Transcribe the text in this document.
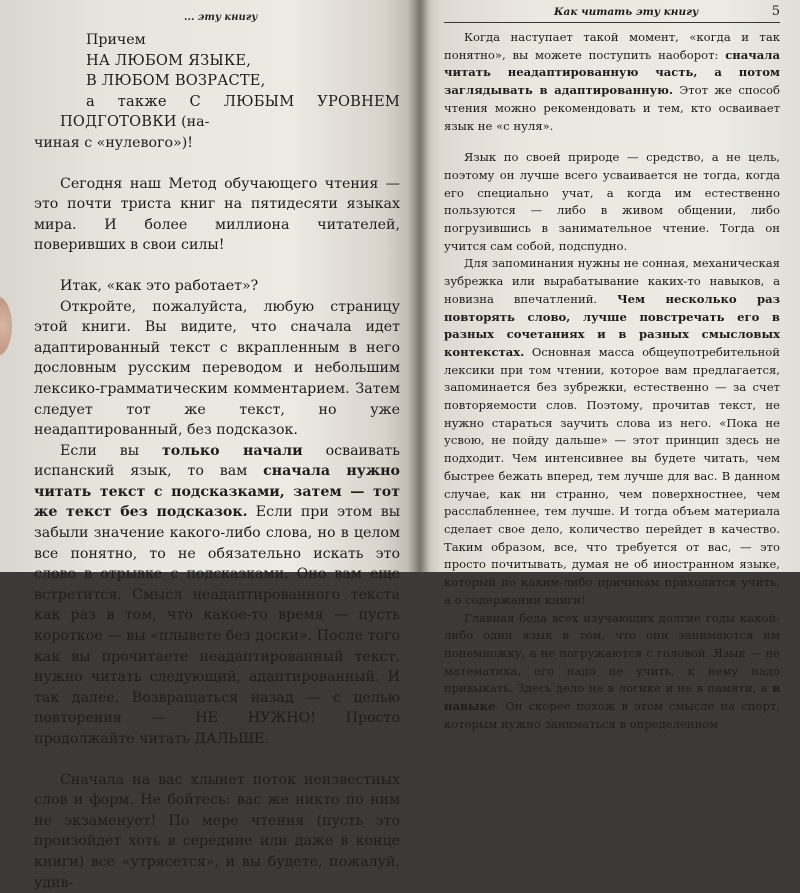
... эту книгу

Причем

НА ЛЮБОМ ЯЗЫКЕ,

В ЛЮБОМ ВОЗРАСТЕ,

а также С ЛЮБЫМ УРОВНЕМ ПОДГОТОВКИ (на-

чиная с «нулевого»)!

Сегодня наш Метод обучающего чтения — это почти триста книг на пятидесяти языках мира. И более миллиона читателей, поверивших в свои силы!

Итак, «как это работает»?

Откройте, пожалуйста, любую страницу этой книги. Вы видите, что сначала идет адаптированный текст с вкрапленным в него дословным русским переводом и небольшим лексико-грамматическим комментарием. Затем следует тот же текст, но уже неадаптированный, без подсказок.

Если вы только начали осваивать испанский язык, то вам сначала нужно читать текст с подсказками, затем — тот же текст без подсказок. Если при этом вы забыли значение какого-либо слова, но в целом все понятно, то не обязательно искать это слово в отрывке с подсказками. Оно вам еще встретится. Смысл неадаптированного текста как раз в том, что какое-то время — пусть короткое — вы «плывете без доски». После того как вы прочитаете неадаптированный текст, нужно читать следующий, адаптированный. И так далее. Возвращаться назад — с целью повторения — НЕ НУЖНО! Просто продолжайте читать ДАЛЬШЕ.

Сначала на вас хлынет поток неизвестных слов и форм. Не бойтесь: вас же никто по ним не экзаменует! По мере чтения (пусть это произойдет хоть в середине или даже в конце книги) все «утрясется», и вы будете, пожалуй, удив-

Как читать эту книгу	5

Когда наступает такой момент, «когда и так понятно», вы можете поступить наоборот: сначала читать неадаптированную часть, а потом заглядывать в адаптированную. Этот же способ чтения можно рекомендовать и тем, кто осваивает язык не «с нуля».

Язык по своей природе — средство, а не цель, поэтому он лучше всего усваивается не тогда, когда его специально учат, а когда им естественно пользуются — либо в живом общении, либо погрузившись в занимательное чтение. Тогда он учится сам собой, подспудно.

Для запоминания нужны не сонная, механическая зубрежка или вырабатывание каких-то навыков, а новизна впечатлений. Чем несколько раз повторять слово, лучше повстречать его в разных сочетаниях и в разных смысловых контекстах. Основная масса общеупотребительной лексики при том чтении, которое вам предлагается, запоминается без зубрежки, естественно — за счет повторяемости слов. Поэтому, прочитав текст, не нужно стараться заучить слова из него. «Пока не усвою, не пойду дальше» — этот принцип здесь не подходит. Чем интенсивнее вы будете читать, чем быстрее бежать вперед, тем лучше для вас. В данном случае, как ни странно, чем поверхностнее, чем расслабленнее, тем лучше. И тогда объем материала сделает свое дело, количество перейдет в качество. Таким образом, все, что требуется от вас, — это просто почитывать, думая не об иностранном языке, который по каким-либо причинам приходится учить, а о содержании книги!

Главная беда всех изучающих долгие годы какой-либо один язык в том, что они занимаются им понемножку, а не погружаются с головой. Язык — не математика, его надо не учить, к нему надо привыкать. Здесь дело не в логике и не в памяти, а в навыке. Он скорее похож в этом смысле на спорт, которым нужно заниматься в определенном
